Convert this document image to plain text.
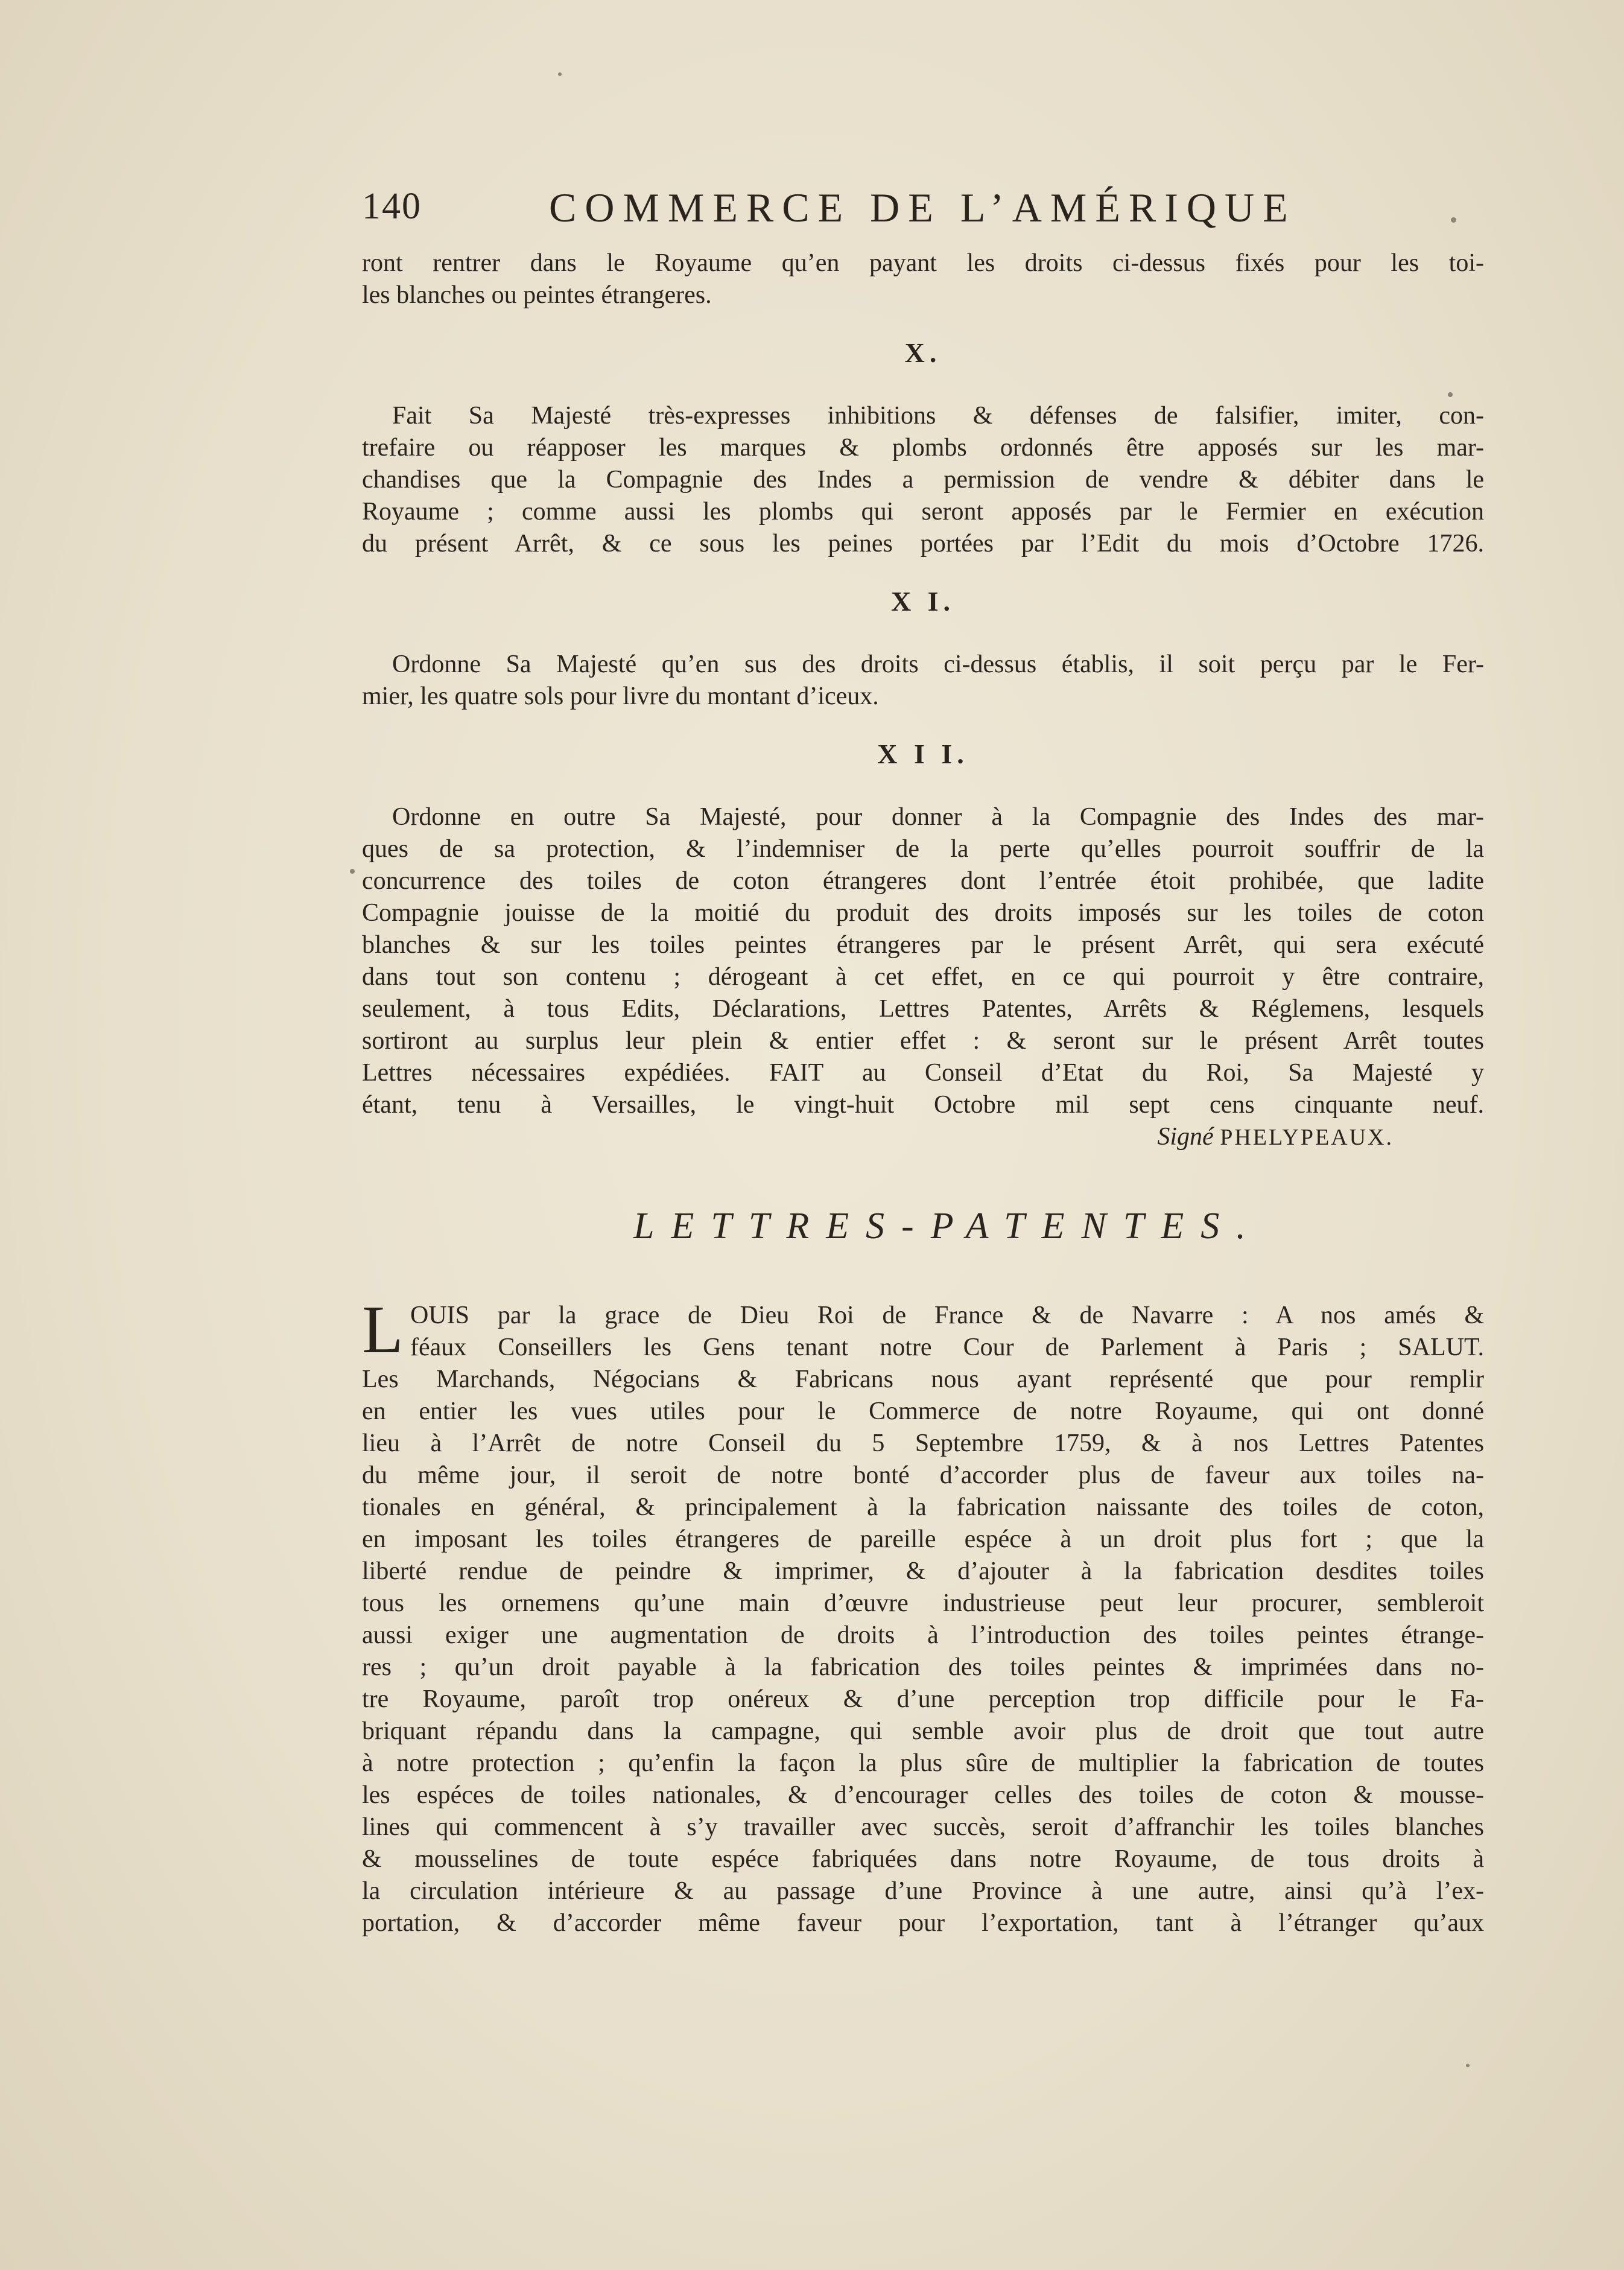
140	COMMERCE DE L’AMÉRIQUE
ront rentrer dans le Royaume qu’en payant les droits ci-dessus fixés pour les toi-
les blanches ou peintes étrangeres.
X.
Fait Sa Majesté très-expresses inhibitions & défenses de falsifier, imiter, con-
trefaire ou réapposer les marques & plombs ordonnés être apposés sur les mar-
chandises que la Compagnie des Indes a permission de vendre & débiter dans le
Royaume ; comme aussi les plombs qui seront apposés par le Fermier en exécution
du présent Arrêt, & ce sous les peines portées par l’Edit du mois d’Octobre 1726.
X I.
Ordonne Sa Majesté qu’en sus des droits ci-dessus établis, il soit perçu par le Fer-
mier, les quatre sols pour livre du montant d’iceux.
X I I.
Ordonne en outre Sa Majesté, pour donner à la Compagnie des Indes des mar-
ques de sa protection, & l’indemniser de la perte qu’elles pourroit souffrir de la
concurrence des toiles de coton étrangeres dont l’entrée étoit prohibée, que ladite
Compagnie jouisse de la moitié du produit des droits imposés sur les toiles de coton
blanches & sur les toiles peintes étrangeres par le présent Arrêt, qui sera exécuté
dans tout son contenu ; dérogeant à cet effet, en ce qui pourroit y être contraire,
seulement, à tous Edits, Déclarations, Lettres Patentes, Arrêts & Réglemens, lesquels
sortiront au surplus leur plein & entier effet : & seront sur le présent Arrêt toutes
Lettres nécessaires expédiées. FAIT au Conseil d’Etat du Roi, Sa Majesté y
étant, tenu à Versailles, le vingt-huit Octobre mil sept cens cinquante neuf.
Signé PHELYPEAUX.
LETTRES-PATENTES.
L OUIS par la grace de Dieu Roi de France & de Navarre : A nos amés &
féaux Conseillers les Gens tenant notre Cour de Parlement à Paris ; SALUT.
Les Marchands, Négocians & Fabricans nous ayant représenté que pour remplir
en entier les vues utiles pour le Commerce de notre Royaume, qui ont donné
lieu à l’Arrêt de notre Conseil du 5 Septembre 1759, & à nos Lettres Patentes
du même jour, il seroit de notre bonté d’accorder plus de faveur aux toiles na-
tionales en général, & principalement à la fabrication naissante des toiles de coton,
en imposant les toiles étrangeres de pareille espéce à un droit plus fort ; que la
liberté rendue de peindre & imprimer, & d’ajouter à la fabrication desdites toiles
tous les ornemens qu’une main d’œuvre industrieuse peut leur procurer, sembleroit
aussi exiger une augmentation de droits à l’introduction des toiles peintes étrange-
res ; qu’un droit payable à la fabrication des toiles peintes & imprimées dans no-
tre Royaume, paroît trop onéreux & d’une perception trop difficile pour le Fa-
briquant répandu dans la campagne, qui semble avoir plus de droit que tout autre
à notre protection ; qu’enfin la façon la plus sûre de multiplier la fabrication de toutes
les espéces de toiles nationales, & d’encourager celles des toiles de coton & mousse-
lines qui commencent à s’y travailler avec succès, seroit d’affranchir les toiles blanches
& mousselines de toute espéce fabriquées dans notre Royaume, de tous droits à
la circulation intérieure & au passage d’une Province à une autre, ainsi qu’à l’ex-
portation, & d’accorder même faveur pour l’exportation, tant à l’étranger qu’aux
